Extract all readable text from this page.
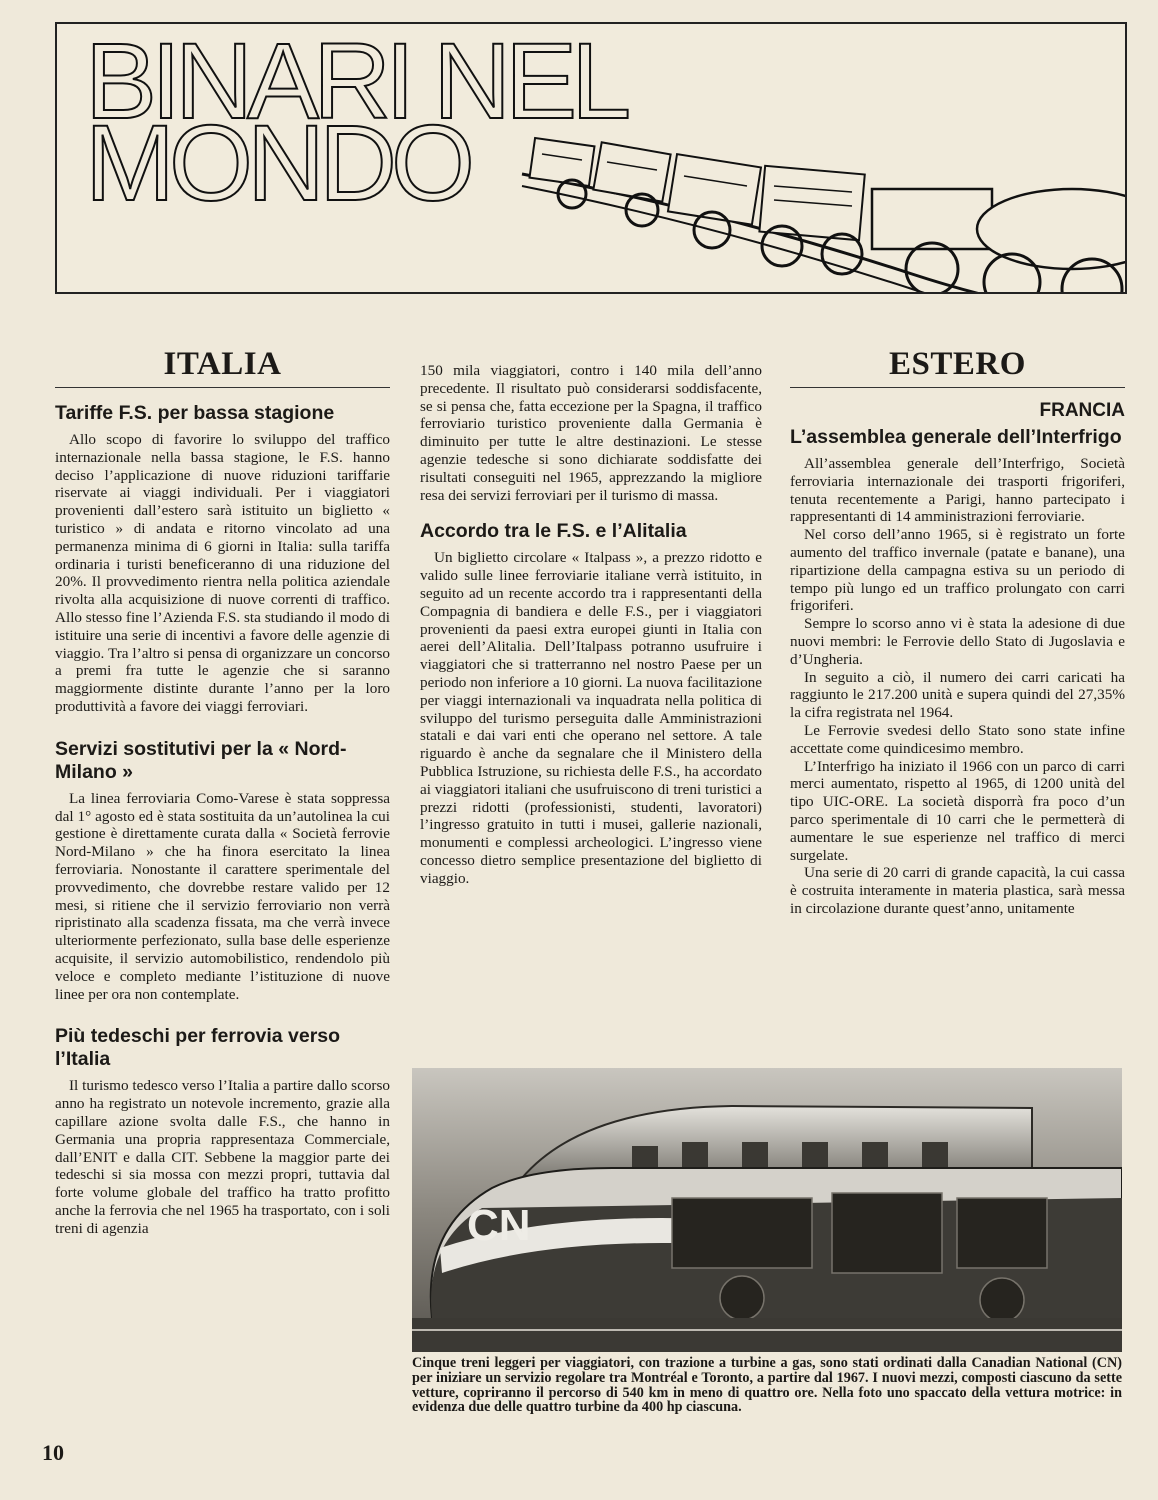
BINARI NEL
MONDO
ITALIA
Tariffe F.S. per bassa stagione

Allo scopo di favorire lo sviluppo del traffico internazionale nella bassa stagione, le F.S. hanno deciso l’applicazione di nuove riduzioni tariffarie riservate ai viaggi individuali. Per i viaggiatori provenienti dall’estero sarà istituito un biglietto « turistico » di andata e ritorno vincolato ad una permanenza minima di 6 giorni in Italia: sulla tariffa ordinaria i turisti beneficeranno di una riduzione del 20%. Il provvedimento rientra nella politica aziendale rivolta alla acquisizione di nuove correnti di traffico. Allo stesso fine l’Azienda F.S. sta studiando il modo di istituire una serie di incentivi a favore delle agenzie di viaggio. Tra l’altro si pensa di organizzare un concorso a premi fra tutte le agenzie che si saranno maggiormente distinte durante l’anno per la loro produttività a favore dei viaggi ferroviari.

Servizi sostitutivi per la « Nord-Milano »

La linea ferroviaria Como-Varese è stata soppressa dal 1° agosto ed è stata sostituita da un’autolinea la cui gestione è direttamente curata dalla « Società ferrovie Nord-Milano » che ha finora esercitato la linea ferroviaria. Nonostante il carattere sperimentale del provvedimento, che dovrebbe restare valido per 12 mesi, si ritiene che il servizio ferroviario non verrà ripristinato alla scadenza fissata, ma che verrà invece ulteriormente perfezionato, sulla base delle esperienze acquisite, il servizio automobilistico, rendendolo più veloce e completo mediante l’istituzione di nuove linee per ora non contemplate.

Più tedeschi per ferrovia verso l’Italia

Il turismo tedesco verso l’Italia a partire dallo scorso anno ha registrato un notevole incremento, grazie alla capillare azione svolta dalle F.S., che hanno in Germania una propria rappresentaza Commerciale, dall’ENIT e dalla CIT. Sebbene la maggior parte dei tedeschi si sia mossa con mezzi propri, tuttavia dal forte volume globale del traffico ha tratto profitto anche la ferrovia che nel 1965 ha trasportato, con i soli treni di agenzia

150 mila viaggiatori, contro i 140 mila dell’anno precedente. Il risultato può considerarsi soddisfacente, se si pensa che, fatta eccezione per la Spagna, il traffico ferroviario turistico proveniente dalla Germania è diminuito per tutte le altre destinazioni. Le stesse agenzie tedesche si sono dichiarate soddisfatte dei risultati conseguiti nel 1965, apprezzando la migliore resa dei servizi ferroviari per il turismo di massa.

Accordo tra le F.S. e l’Alitalia

Un biglietto circolare « Italpass », a prezzo ridotto e valido sulle linee ferroviarie italiane verrà istituito, in seguito ad un recente accordo tra i rappresentanti della Compagnia di bandiera e delle F.S., per i viaggiatori provenienti da paesi extra europei giunti in Italia con aerei dell’Alitalia. Dell’Italpass potranno usufruire i viaggiatori che si tratterranno nel nostro Paese per un periodo non inferiore a 10 giorni. La nuova facilitazione per viaggi internazionali va inquadrata nella politica di sviluppo del turismo perseguita dalle Amministrazioni statali e dai vari enti che operano nel settore. A tale riguardo è anche da segnalare che il Ministero della Pubblica Istruzione, su richiesta delle F.S., ha accordato ai viaggiatori italiani che usufruiscono di treni turistici a prezzi ridotti (professionisti, studenti, lavoratori) l’ingresso gratuito in tutti i musei, gallerie nazionali, monumenti e complessi archeologici. L’ingresso viene concesso dietro semplice presentazione del biglietto di viaggio.

ESTERO
FRANCIA
L’assemblea generale dell’Interfrigo

All’assemblea generale dell’Interfrigo, Società ferroviaria internazionale dei trasporti frigoriferi, tenuta recentemente a Parigi, hanno partecipato i rappresentanti di 14 amministrazioni ferroviarie.

Nel corso dell’anno 1965, si è registrato un forte aumento del traffico invernale (patate e banane), una ripartizione della campagna estiva su un periodo di tempo più lungo ed un traffico prolungato con carri frigoriferi.

Sempre lo scorso anno vi è stata la adesione di due nuovi membri: le Ferrovie dello Stato di Jugoslavia e d’Ungheria.

In seguito a ciò, il numero dei carri caricati ha raggiunto le 217.200 unità e supera quindi del 27,35% la cifra registrata nel 1964.

Le Ferrovie svedesi dello Stato sono state infine accettate come quindicesimo membro.

L’Interfrigo ha iniziato il 1966 con un parco di carri merci aumentato, rispetto al 1965, di 1200 unità del tipo UIC-ORE. La società disporrà fra poco d’un parco sperimentale di 10 carri che le permetterà di aumentare le sue esperienze nel traffico di merci surgelate.

Una serie di 20 carri di grande capacità, la cui cassa è costruita interamente in materia plastica, sarà messa in circolazione durante quest’anno, unitamente

CN

Cinque treni leggeri per viaggiatori, con trazione a turbine a gas, sono stati ordinati dalla Canadian National (CN) per iniziare un servizio regolare tra Montréal e Toronto, a partire dal 1967. I nuovi mezzi, composti ciascuno da sette vetture, copriranno il percorso di 540 km in meno di quattro ore. Nella foto uno spaccato della vettura motrice: in evidenza due delle quattro turbine da 400 hp ciascuna.

10
